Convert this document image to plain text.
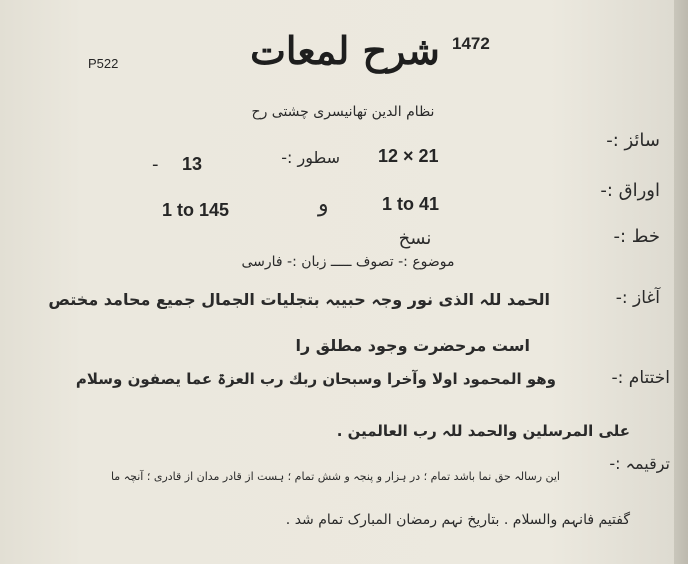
1472
P522	شرح لمعات
نظام الدین تھانیسری چشتی رح
سائز :-
12 × 21
سطور :-
- 13
اوراق :-
1 to 41
و
1 to 145
خط :-
نسخ
موضوع :- تصوف ـــــ زبان :- فارسی
آغاز :-
الحمد للہ الذی نور وجہ حبیبہ بتجلیات الجمال جمیع محامد مختص
است مرحضرت وجود مطلق را
اختتام :-
وھو المحمود اولا وآخرا وسبحان ربك رب العزۃ عما یصفون وسلام
علی المرسلین والحمد للہ رب العالمین .
ترقیمہ :-
این رسالہ حق نما باشد تمام ؛ در ہزار و پنجہ و شش تمام ؛ ہست از قادر مدان از قادری ؛ آنچہ ما
گفتیم فانہم والسلام . بتاریخ نہم رمضان المبارک تمام شد .
